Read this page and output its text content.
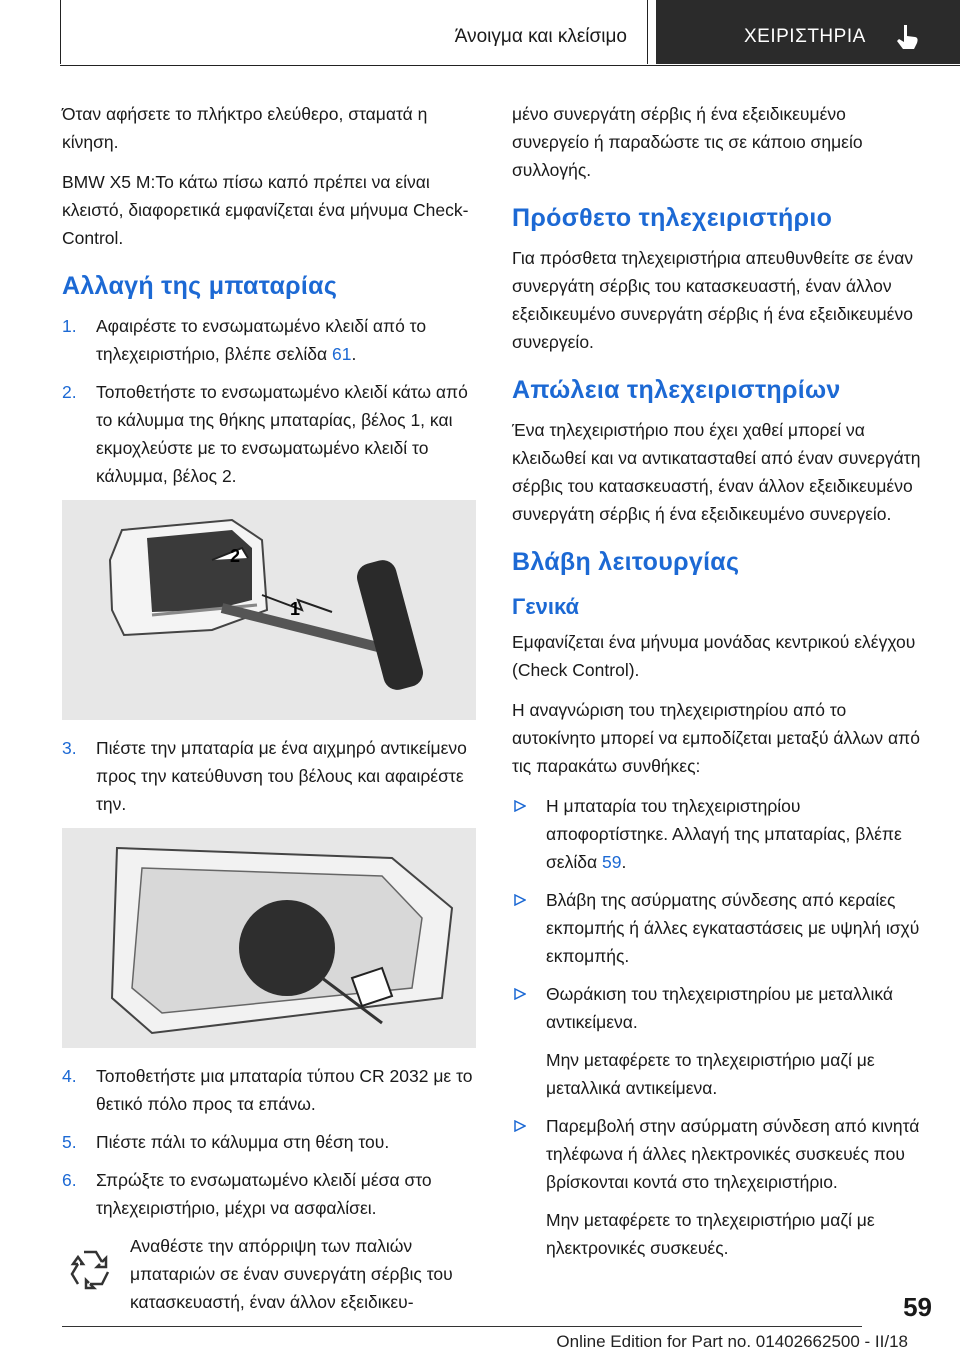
Άνοιγμα και κλείσιμο	ΧΕΙΡΙΣΤΗΡΙΑ

Όταν αφήσετε το πλήκτρο ελεύθερο, σταματά η κίνηση.

BMW X5 M:Το κάτω πίσω καπό πρέπει να είναι κλειστό, διαφορετικά εμφανίζεται ένα μήνυμα Check-Control.

Αλλαγή της μπαταρίας
1. Αφαιρέστε το ενσωματωμένο κλειδί από το τηλεχειριστήριο, βλέπε σελίδα 61.
2. Τοποθετήστε το ενσωματωμένο κλειδί κάτω από το κάλυμμα της θήκης μπαταρίας, βέλος 1, και εκμοχλεύστε με το ενσωματωμένο κλειδί το κάλυμμα, βέλος 2.
2
1
3. Πιέστε την μπαταρία με ένα αιχμηρό αντικείμενο προς την κατεύθυνση του βέλους και αφαιρέστε την.
4. Τοποθετήστε μια μπαταρία τύπου CR 2032 με το θετικό πόλο προς τα επάνω.
5. Πιέστε πάλι το κάλυμμα στη θέση του.
6. Σπρώξτε το ενσωματωμένο κλειδί μέσα στο τηλεχειριστήριο, μέχρι να ασφαλίσει.
Αναθέστε την απόρριψη των παλιών μπαταριών σε έναν συνεργάτη σέρβις του κατασκευαστή, έναν άλλον εξειδικευ-

μένο συνεργάτη σέρβις ή ένα εξειδικευμένο συνεργείο ή παραδώστε τις σε κάποιο σημείο συλλογής.

Πρόσθετο τηλεχειριστήριο

Για πρόσθετα τηλεχειριστήρια απευθυνθείτε σε έναν συνεργάτη σέρβις του κατασκευαστή, έναν άλλον εξειδικευμένο συνεργάτη σέρβις ή ένα εξειδικευμένο συνεργείο.

Απώλεια τηλεχειριστηρίων

Ένα τηλεχειριστήριο που έχει χαθεί μπορεί να κλειδωθεί και να αντικατασταθεί από έναν συνεργάτη σέρβις του κατασκευαστή, έναν άλλον εξειδικευμένο συνεργάτη σέρβις ή ένα εξειδικευμένο συνεργείο.

Βλάβη λειτουργίας
Γενικά

Εμφανίζεται ένα μήνυμα μονάδας κεντρικού ελέγχου (Check Control).

Η αναγνώριση του τηλεχειριστηρίου από το αυτοκίνητο μπορεί να εμποδίζεται μεταξύ άλλων από τις παρακάτω συνθήκες:

Η μπαταρία του τηλεχειριστηρίου αποφορτίστηκε. Αλλαγή της μπαταρίας, βλέπε σελίδα 59.
Βλάβη της ασύρματης σύνδεσης από κεραίες εκπομπής ή άλλες εγκαταστάσεις με υψηλή ισχύ εκπομπής.
Θωράκιση του τηλεχειριστηρίου με μεταλλικά αντικείμενα.

Μην μεταφέρετε το τηλεχειριστήριο μαζί με μεταλλικά αντικείμενα.

Παρεμβολή στην ασύρματη σύνδεση από κινητά τηλέφωνα ή άλλες ηλεκτρονικές συσκευές που βρίσκονται κοντά στο τηλεχειριστήριο.

Μην μεταφέρετε το τηλεχειριστήριο μαζί με ηλεκτρονικές συσκευές.

59
Online Edition for Part no. 01402662500 - II/18
